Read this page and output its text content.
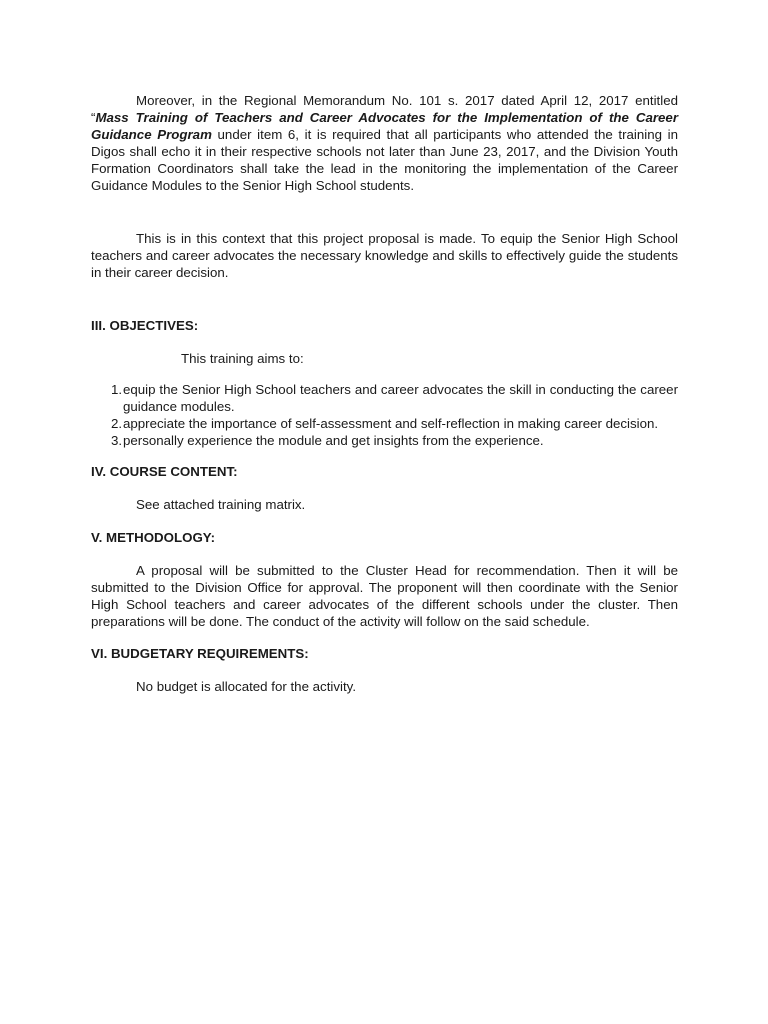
Moreover, in the Regional Memorandum No. 101 s. 2017 dated April 12, 2017 entitled “Mass Training of Teachers and Career Advocates for the Implementation of the Career Guidance Program under item 6, it is required that all participants who attended the training in Digos shall echo it in their respective schools not later than June 23, 2017, and the Division Youth Formation Coordinators shall take the lead in the monitoring the implementation of the Career Guidance Modules to the Senior High School students.

This is in this context that this project proposal is made. To equip the Senior High School teachers and career advocates the necessary knowledge and skills to effectively guide the students in their career decision.

III. OBJECTIVES:

This training aims to:

1. equip the Senior High School teachers and career advocates the skill in conducting the career guidance modules.
2. appreciate the importance of self-assessment and self-reflection in making career decision.
3. personally experience the module and get insights from the experience.
IV. COURSE CONTENT:

See attached training matrix.

V. METHODOLOGY:

A proposal will be submitted to the Cluster Head for recommendation. Then it will be submitted to the Division Office for approval. The proponent will then coordinate with the Senior High School teachers and career advocates of the different schools under the cluster. Then preparations will be done. The conduct of the activity will follow on the said schedule.

VI. BUDGETARY REQUIREMENTS:

No budget is allocated for the activity.
